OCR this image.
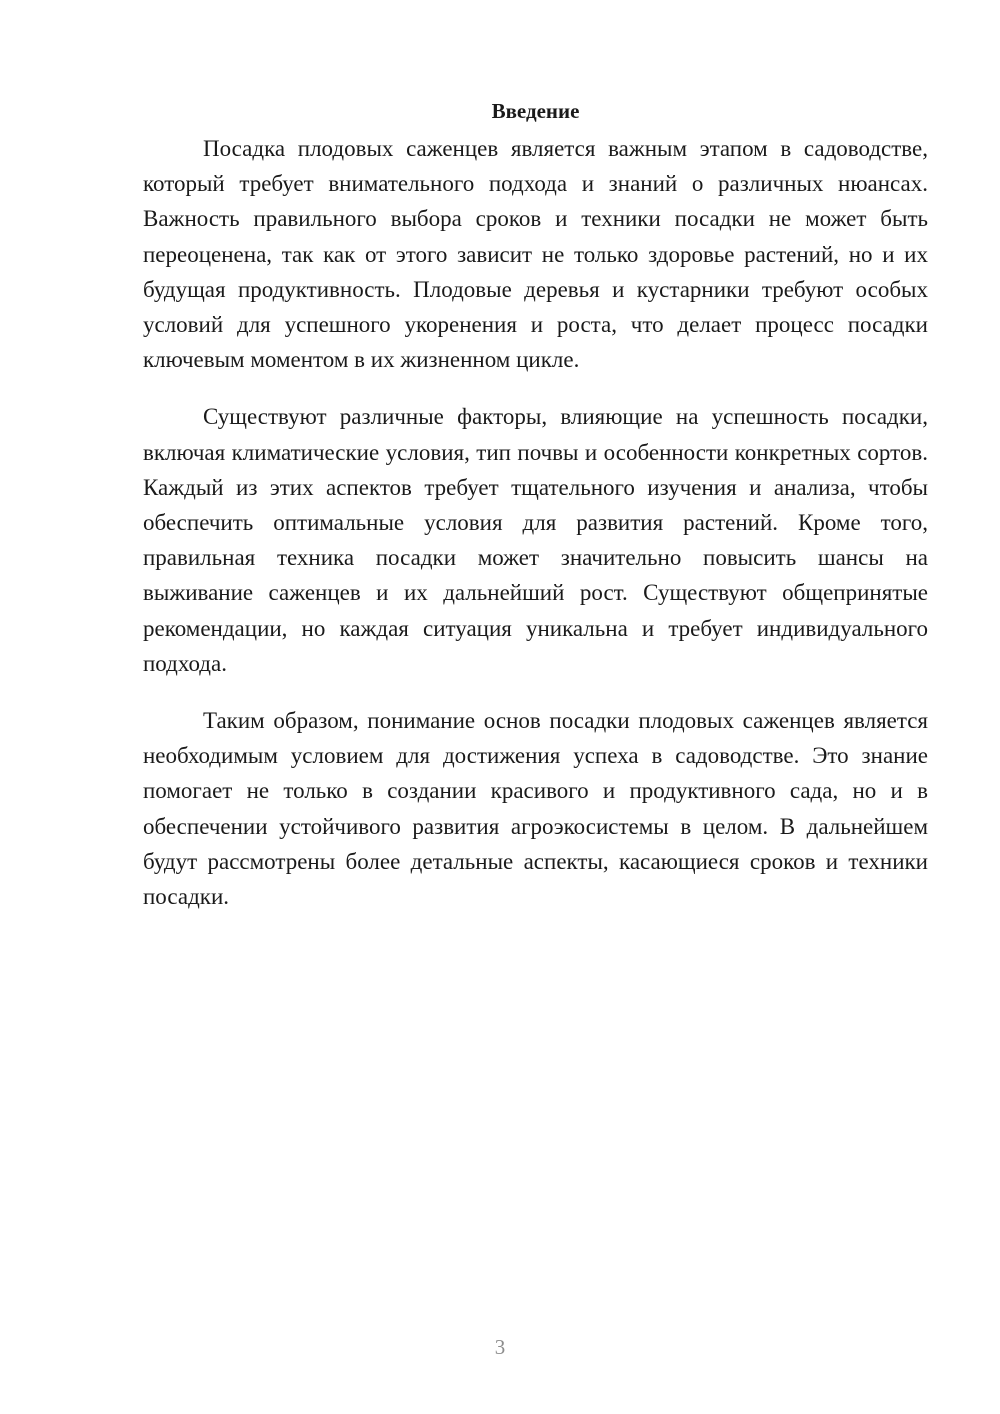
Введение

Посадка плодовых саженцев является важным этапом в садоводстве, который требует внимательного подхода и знаний о различных нюансах. Важность правильного выбора сроков и техники посадки не может быть переоценена, так как от этого зависит не только здоровье растений, но и их будущая продуктивность. Плодовые деревья и кустарники требуют особых условий для успешного укоренения и роста, что делает процесс посадки ключевым моментом в их жизненном цикле.

Существуют различные факторы, влияющие на успешность посадки, включая климатические условия, тип почвы и особенности конкретных сортов. Каждый из этих аспектов требует тщательного изучения и анализа, чтобы обеспечить оптимальные условия для развития растений. Кроме того, правильная техника посадки может значительно повысить шансы на выживание саженцев и их дальнейший рост. Существуют общепринятые рекомендации, но каждая ситуация уникальна и требует индивидуального подхода.

Таким образом, понимание основ посадки плодовых саженцев является необходимым условием для достижения успеха в садоводстве. Это знание помогает не только в создании красивого и продуктивного сада, но и в обеспечении устойчивого развития агроэкосистемы в целом. В дальнейшем будут рассмотрены более детальные аспекты, касающиеся сроков и техники посадки.

3
